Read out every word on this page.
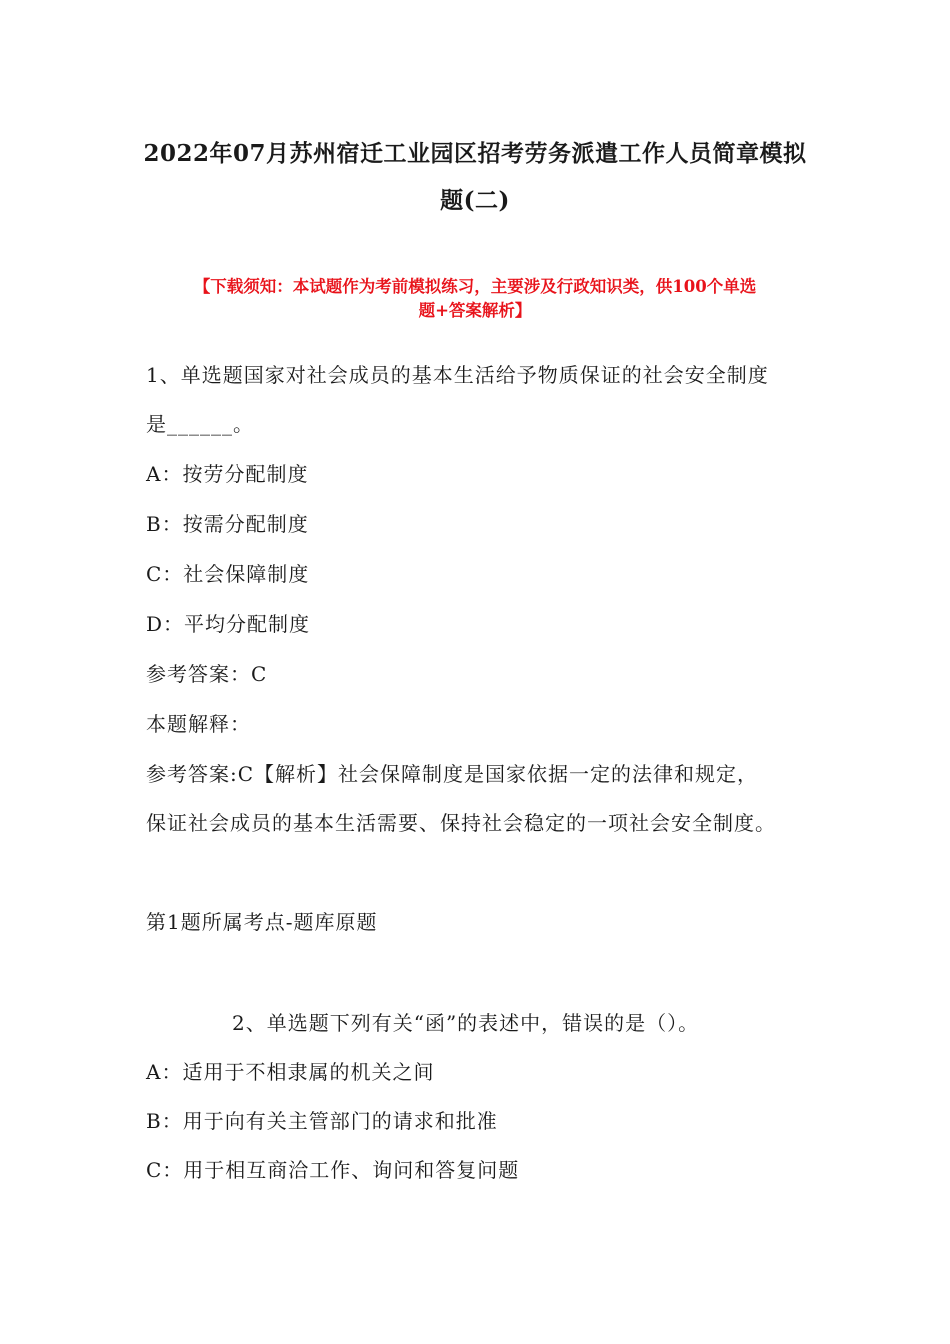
2022年07月苏州宿迁工业园区招考劳务派遣工作人员简章模拟
题(二)
【下载须知：本试题作为考前模拟练习，主要涉及行政知识类，供100个单选
题+答案解析】
1、单选题国家对社会成员的基本生活给予物质保证的社会安全制度
是______。
A：按劳分配制度
B：按需分配制度
C：社会保障制度
D：平均分配制度
参考答案：C
本题解释：
参考答案:C【解析】社会保障制度是国家依据一定的法律和规定，
保证社会成员的基本生活需要、保持社会稳定的一项社会安全制度。
第1题所属考点-题库原题
2、单选题下列有关“函”的表述中，错误的是（）。
A：适用于不相隶属的机关之间
B：用于向有关主管部门的请求和批准
C：用于相互商洽工作、询问和答复问题
